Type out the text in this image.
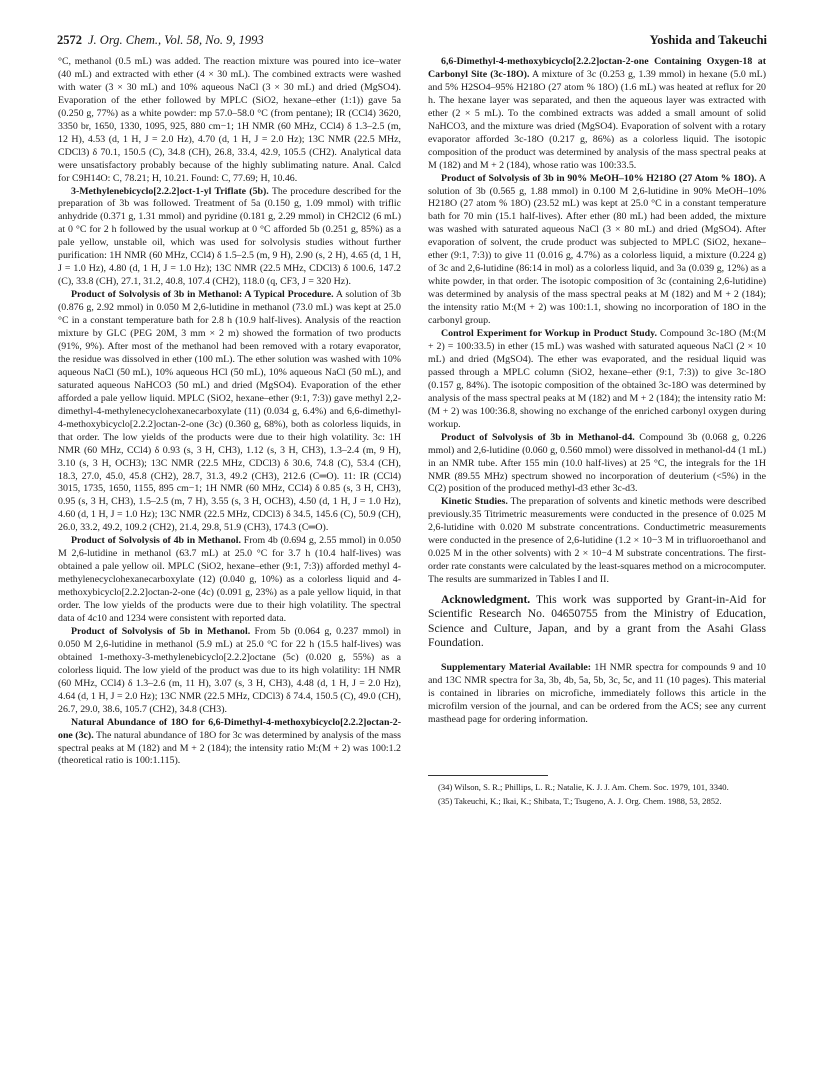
2572 J. Org. Chem., Vol. 58, No. 9, 1993	Yoshida and Takeuchi

°C, methanol (0.5 mL) was added. The reaction mixture was poured into ice–water (40 mL) and extracted with ether (4 × 30 mL). The combined extracts were washed with water (3 × 30 mL) and 10% aqueous NaCl (3 × 30 mL) and dried (MgSO4). Evaporation of the ether followed by MPLC (SiO2, hexane–ether (1:1)) gave 5a (0.250 g, 77%) as a white powder: mp 57.0–58.0 °C (from pentane); IR (CCl4) 3620, 3350 br, 1650, 1330, 1095, 925, 880 cm−1; 1H NMR (60 MHz, CCl4) δ 1.3–2.5 (m, 12 H), 4.53 (d, 1 H, J = 2.0 Hz), 4.70 (d, 1 H, J = 2.0 Hz); 13C NMR (22.5 MHz, CDCl3) δ 70.1, 150.5 (C), 34.8 (CH), 26.8, 33.4, 42.9, 105.5 (CH2). Analytical data were unsatisfactory probably because of the highly sublimating nature. Anal. Calcd for C9H14O: C, 78.21; H, 10.21. Found: C, 77.69; H, 10.46.

3-Methylenebicyclo[2.2.2]oct-1-yl Triflate (5b). The procedure described for the preparation of 3b was followed. Treatment of 5a (0.150 g, 1.09 mmol) with triflic anhydride (0.371 g, 1.31 mmol) and pyridine (0.181 g, 2.29 mmol) in CH2Cl2 (6 mL) at 0 °C for 2 h followed by the usual workup at 0 °C afforded 5b (0.251 g, 85%) as a pale yellow, unstable oil, which was used for solvolysis studies without further purification: 1H NMR (60 MHz, CCl4) δ 1.5–2.5 (m, 9 H), 2.90 (s, 2 H), 4.65 (d, 1 H, J = 1.0 Hz), 4.80 (d, 1 H, J = 1.0 Hz); 13C NMR (22.5 MHz, CDCl3) δ 100.6, 147.2 (C), 33.8 (CH), 27.1, 31.2, 40.8, 107.4 (CH2), 118.0 (q, CF3, J = 320 Hz).

Product of Solvolysis of 3b in Methanol: A Typical Procedure. A solution of 3b (0.876 g, 2.92 mmol) in 0.050 M 2,6-lutidine in methanol (73.0 mL) was kept at 25.0 °C in a constant temperature bath for 2.8 h (10.9 half-lives). Analysis of the reaction mixture by GLC (PEG 20M, 3 mm × 2 m) showed the formation of two products (91%, 9%). After most of the methanol had been removed with a rotary evaporator, the residue was dissolved in ether (100 mL). The ether solution was washed with 10% aqueous NaCl (50 mL), 10% aqueous HCl (50 mL), 10% aqueous NaCl (50 mL), and saturated aqueous NaHCO3 (50 mL) and dried (MgSO4). Evaporation of the ether afforded a pale yellow liquid. MPLC (SiO2, hexane–ether (9:1, 7:3)) gave methyl 2,2-dimethyl-4-methylenecyclohexanecarboxylate (11) (0.034 g, 6.4%) and 6,6-dimethyl-4-methoxybicyclo[2.2.2]octan-2-one (3c) (0.360 g, 68%), both as colorless liquids, in that order. The low yields of the products were due to their high volatility. 3c: 1H NMR (60 MHz, CCl4) δ 0.93 (s, 3 H, CH3), 1.12 (s, 3 H, CH3), 1.3–2.4 (m, 9 H), 3.10 (s, 3 H, OCH3); 13C NMR (22.5 MHz, CDCl3) δ 30.6, 74.8 (C), 53.4 (CH), 18.3, 27.0, 45.0, 45.8 (CH2), 28.7, 31.3, 49.2 (CH3), 212.6 (C═O). 11: IR (CCl4) 3015, 1735, 1650, 1155, 895 cm−1; 1H NMR (60 MHz, CCl4) δ 0.85 (s, 3 H, CH3), 0.95 (s, 3 H, CH3), 1.5–2.5 (m, 7 H), 3.55 (s, 3 H, OCH3), 4.50 (d, 1 H, J = 1.0 Hz), 4.60 (d, 1 H, J = 1.0 Hz); 13C NMR (22.5 MHz, CDCl3) δ 34.5, 145.6 (C), 50.9 (CH), 26.0, 33.2, 49.2, 109.2 (CH2), 21.4, 29.8, 51.9 (CH3), 174.3 (C═O).

Product of Solvolysis of 4b in Methanol. From 4b (0.694 g, 2.55 mmol) in 0.050 M 2,6-lutidine in methanol (63.7 mL) at 25.0 °C for 3.7 h (10.4 half-lives) was obtained a pale yellow oil. MPLC (SiO2, hexane–ether (9:1, 7:3)) afforded methyl 4-methylenecyclohexanecarboxylate (12) (0.040 g, 10%) as a colorless liquid and 4-methoxybicyclo[2.2.2]octan-2-one (4c) (0.091 g, 23%) as a pale yellow liquid, in that order. The low yields of the products were due to their high volatility. The spectral data of 4c10 and 1234 were consistent with reported data.

Product of Solvolysis of 5b in Methanol. From 5b (0.064 g, 0.237 mmol) in 0.050 M 2,6-lutidine in methanol (5.9 mL) at 25.0 °C for 22 h (15.5 half-lives) was obtained 1-methoxy-3-methylenebicyclo[2.2.2]octane (5c) (0.020 g, 55%) as a colorless liquid. The low yield of the product was due to its high volatility: 1H NMR (60 MHz, CCl4) δ 1.3–2.6 (m, 11 H), 3.07 (s, 3 H, CH3), 4.48 (d, 1 H, J = 2.0 Hz), 4.64 (d, 1 H, J = 2.0 Hz); 13C NMR (22.5 MHz, CDCl3) δ 74.4, 150.5 (C), 49.0 (CH), 26.7, 29.0, 38.6, 105.7 (CH2), 34.8 (CH3).

Natural Abundance of 18O for 6,6-Dimethyl-4-methoxybicyclo[2.2.2]octan-2-one (3c). The natural abundance of 18O for 3c was determined by analysis of the mass spectral peaks at M (182) and M + 2 (184); the intensity ratio M:(M + 2) was 100:1.2 (theoretical ratio is 100:1.115).

6,6-Dimethyl-4-methoxybicyclo[2.2.2]octan-2-one Containing Oxygen-18 at Carbonyl Site (3c-18O). A mixture of 3c (0.253 g, 1.39 mmol) in hexane (5.0 mL) and 5% H2SO4–95% H218O (27 atom % 18O) (1.6 mL) was heated at reflux for 20 h. The hexane layer was separated, and then the aqueous layer was extracted with ether (2 × 5 mL). To the combined extracts was added a small amount of solid NaHCO3, and the mixture was dried (MgSO4). Evaporation of solvent with a rotary evaporator afforded 3c-18O (0.217 g, 86%) as a colorless liquid. The isotopic composition of the product was determined by analysis of the mass spectral peaks at M (182) and M + 2 (184), whose ratio was 100:33.5.

Product of Solvolysis of 3b in 90% MeOH–10% H218O (27 Atom % 18O). A solution of 3b (0.565 g, 1.88 mmol) in 0.100 M 2,6-lutidine in 90% MeOH–10% H218O (27 atom % 18O) (23.52 mL) was kept at 25.0 °C in a constant temperature bath for 70 min (15.1 half-lives). After ether (80 mL) had been added, the mixture was washed with saturated aqueous NaCl (3 × 80 mL) and dried (MgSO4). After evaporation of solvent, the crude product was subjected to MPLC (SiO2, hexane–ether (9:1, 7:3)) to give 11 (0.016 g, 4.7%) as a colorless liquid, a mixture (0.224 g) of 3c and 2,6-lutidine (86:14 in mol) as a colorless liquid, and 3a (0.039 g, 12%) as a white powder, in that order. The isotopic composition of 3c (containing 2,6-lutidine) was determined by analysis of the mass spectral peaks at M (182) and M + 2 (184); the intensity ratio M:(M + 2) was 100:1.1, showing no incorporation of 18O in the carbonyl group.

Control Experiment for Workup in Product Study. Compound 3c-18O (M:(M + 2) = 100:33.5) in ether (15 mL) was washed with saturated aqueous NaCl (2 × 10 mL) and dried (MgSO4). The ether was evaporated, and the residual liquid was passed through a MPLC column (SiO2, hexane–ether (9:1, 7:3)) to give 3c-18O (0.157 g, 84%). The isotopic composition of the obtained 3c-18O was determined by analysis of the mass spectral peaks at M (182) and M + 2 (184); the intensity ratio M:(M + 2) was 100:36.8, showing no exchange of the enriched carbonyl oxygen during workup.

Product of Solvolysis of 3b in Methanol-d4. Compound 3b (0.068 g, 0.226 mmol) and 2,6-lutidine (0.060 g, 0.560 mmol) were dissolved in methanol-d4 (1 mL) in an NMR tube. After 155 min (10.0 half-lives) at 25 °C, the integrals for the 1H NMR (89.55 MHz) spectrum showed no incorporation of deuterium (<5%) in the C(2) position of the produced methyl-d3 ether 3c-d3.

Kinetic Studies. The preparation of solvents and kinetic methods were described previously.35 Titrimetric measurements were conducted in the presence of 0.025 M 2,6-lutidine with 0.020 M substrate concentrations. Conductimetric measurements were conducted in the presence of 2,6-lutidine (1.2 × 10−3 M in trifluoroethanol and 0.025 M in the other solvents) with 2 × 10−4 M substrate concentrations. The first-order rate constants were calculated by the least-squares method on a microcomputer. The results are summarized in Tables I and II.

Acknowledgment. This work was supported by Grant-in-Aid for Scientific Research No. 04650755 from the Ministry of Education, Science and Culture, Japan, and by a grant from the Asahi Glass Foundation.

Supplementary Material Available: 1H NMR spectra for compounds 9 and 10 and 13C NMR spectra for 3a, 3b, 4b, 5a, 5b, 3c, 5c, and 11 (10 pages). This material is contained in libraries on microfiche, immediately follows this article in the microfilm version of the journal, and can be ordered from the ACS; see any current masthead page for ordering information.

(34) Wilson, S. R.; Phillips, L. R.; Natalie, K. J. J. Am. Chem. Soc. 1979, 101, 3340.

(35) Takeuchi, K.; Ikai, K.; Shibata, T.; Tsugeno, A. J. Org. Chem. 1988, 53, 2852.
